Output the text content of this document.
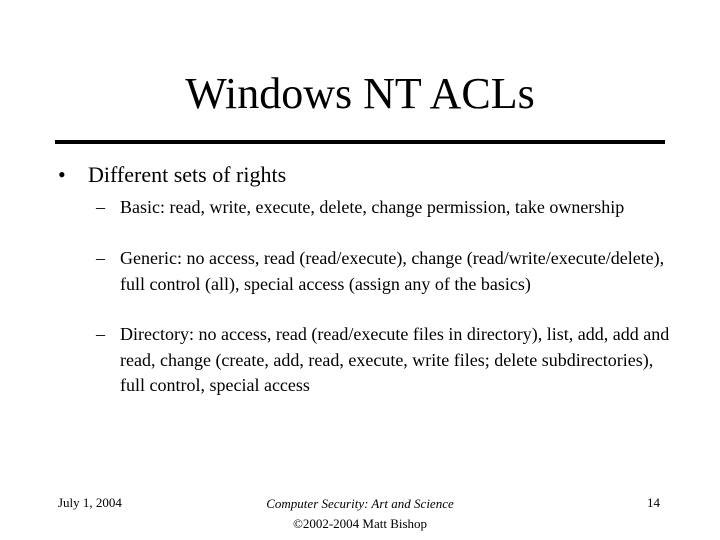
Windows NT ACLs
• Different sets of rights
– Basic: read, write, execute, delete, change permission, take ownership
– Generic: no access, read (read/execute), change (read/write/execute/delete), full control (all), special access (assign any of the basics)
– Directory: no access, read (read/execute files in directory), list, add, add and read, change (create, add, read, execute, write files; delete subdirectories), full control, special access
July 1, 2004	Computer Security: Art and Science
©2002-2004 Matt Bishop
14
